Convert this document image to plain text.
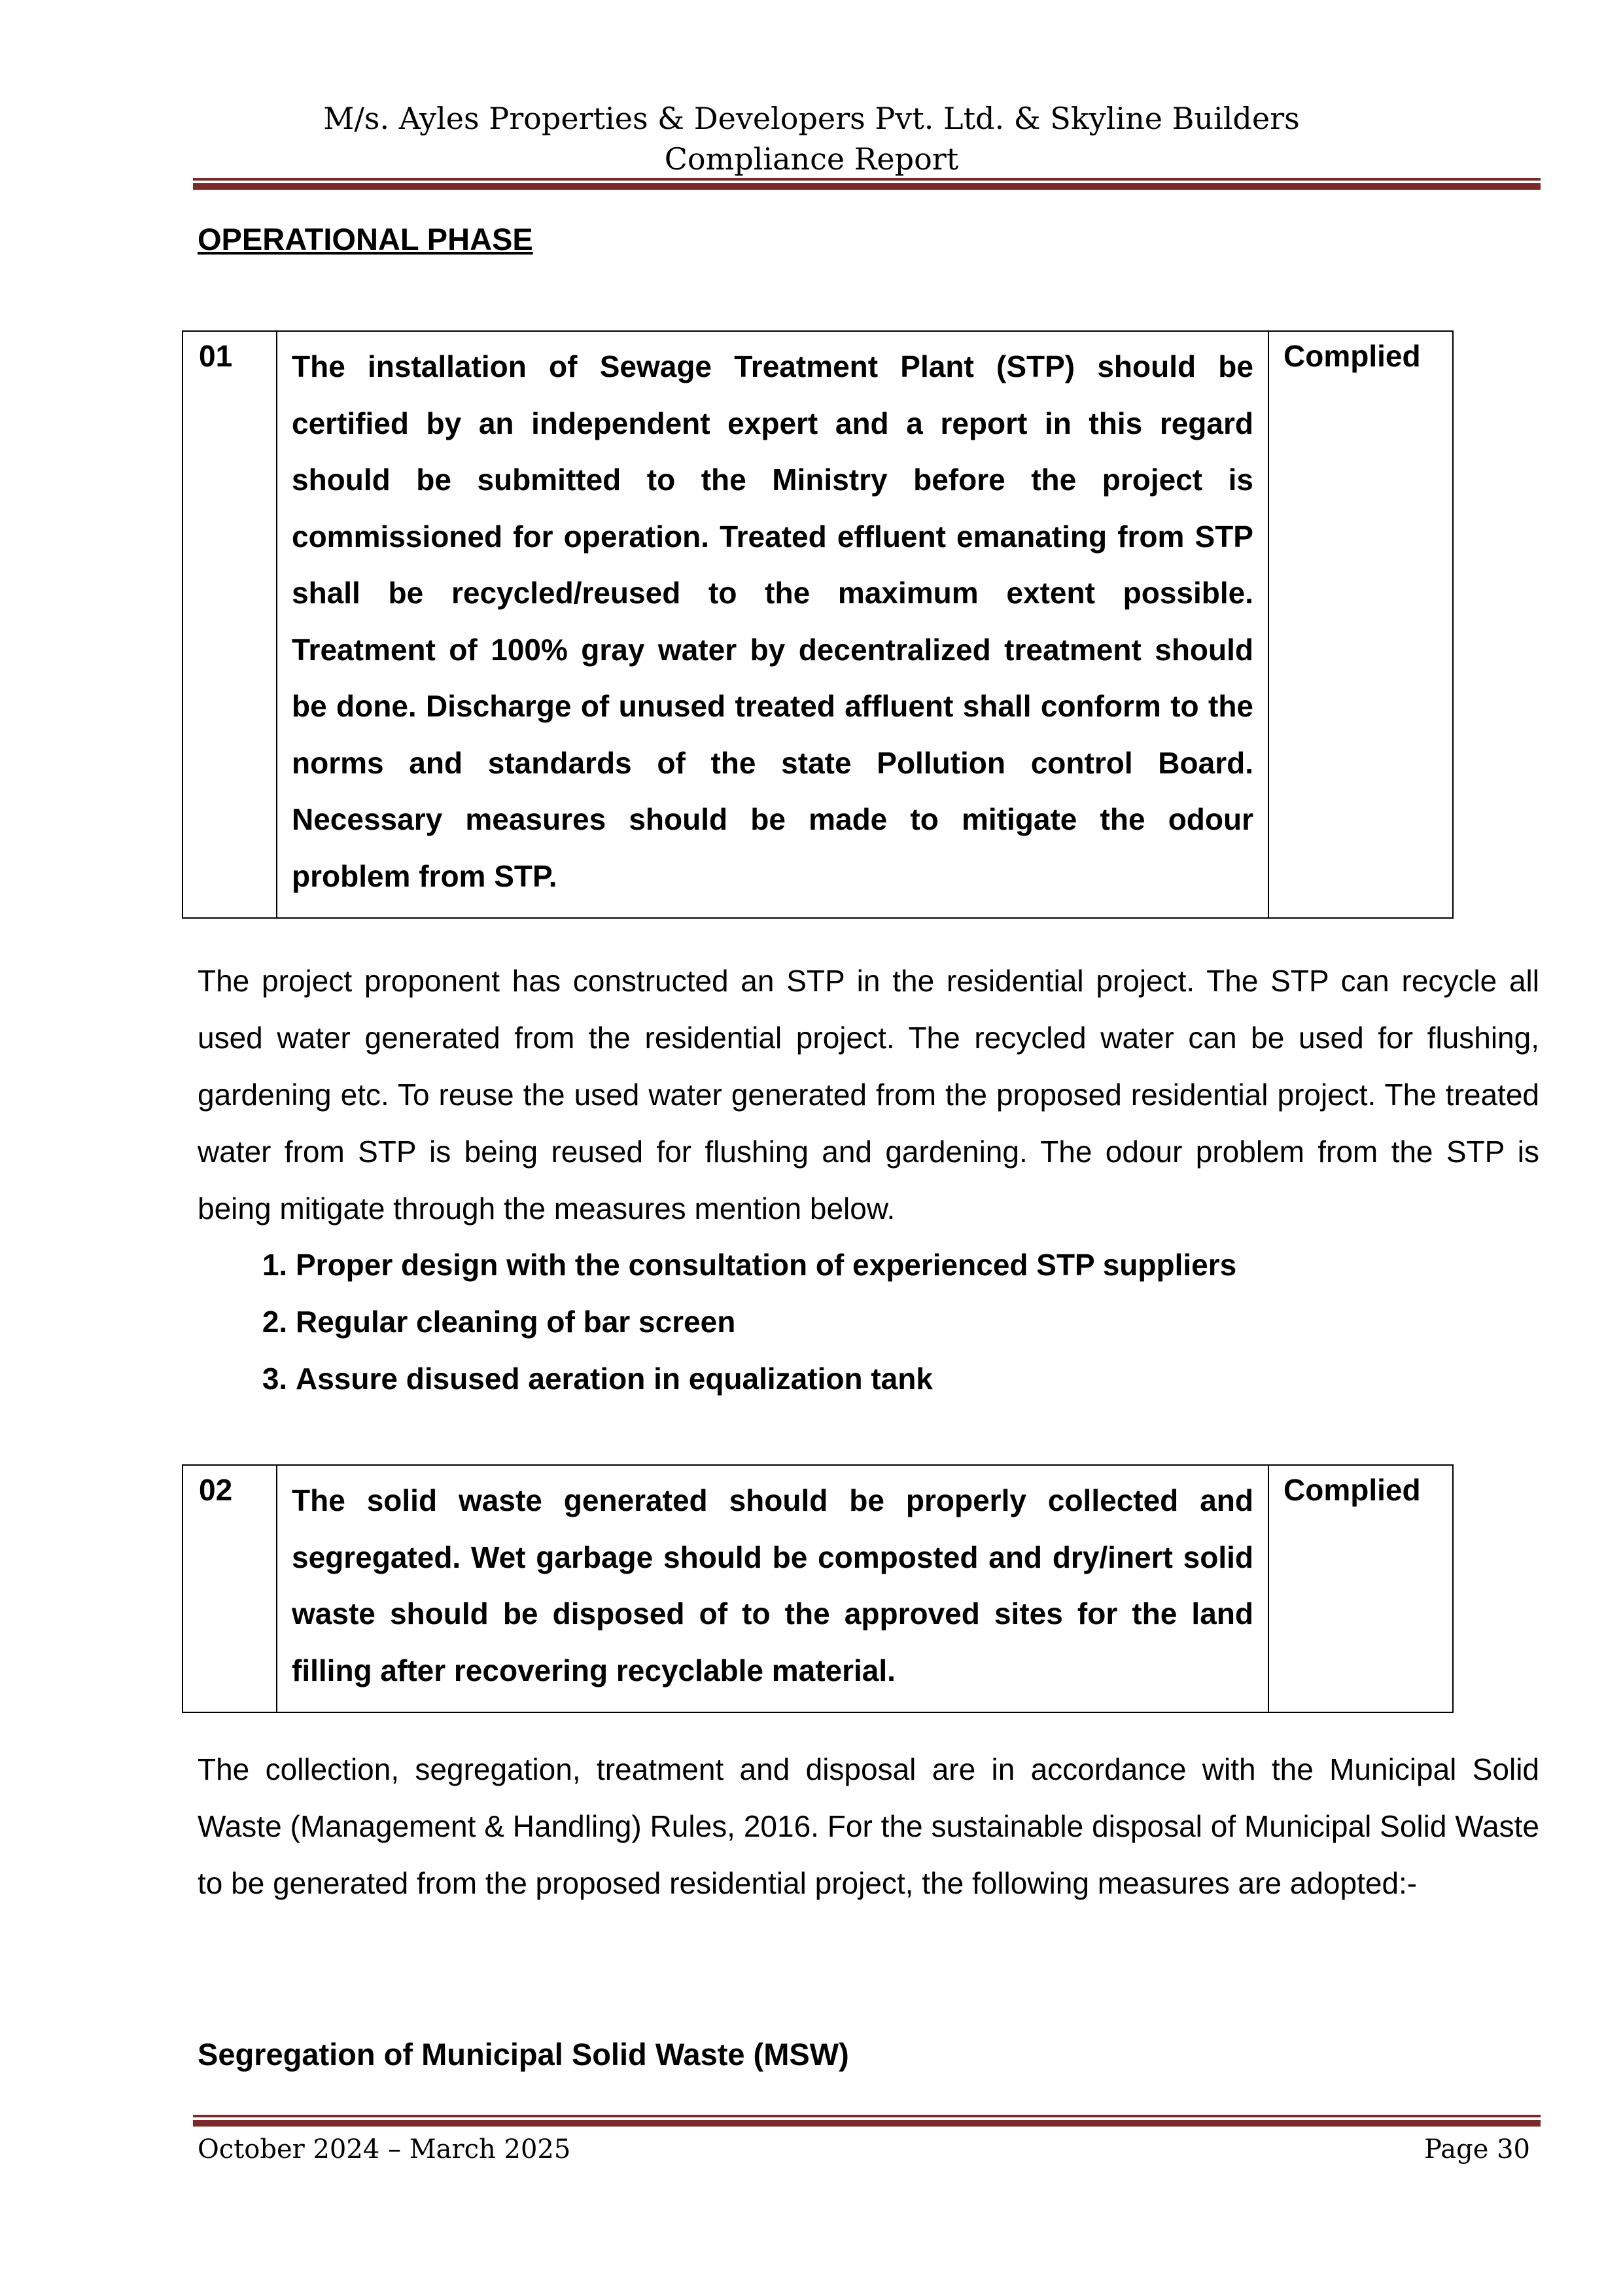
M/s. Ayles Properties & Developers Pvt. Ltd. & Skyline Builders
Compliance Report
OPERATIONAL PHASE
01	The installation of Sewage Treatment Plant (STP) should be certified by an independent expert and a report in this regard should be submitted to the Ministry before the project is commissioned for operation. Treated effluent emanating from STP shall be recycled/reused to the maximum extent possible. Treatment of 100% gray water by decentralized treatment should be done. Discharge of unused treated affluent shall conform to the norms and standards of the state Pollution control Board. Necessary measures should be made to mitigate the odour problem from STP.	Complied
The project proponent has constructed an STP in the residential project. The STP can recycle all used water generated from the residential project. The recycled water can be used for flushing, gardening etc. To reuse the used water generated from the proposed residential project. The treated water from STP is being reused for flushing and gardening. The odour problem from the STP is being mitigate through the measures mention below.
1. Proper design with the consultation of experienced STP suppliers
2. Regular cleaning of bar screen
3. Assure disused aeration in equalization tank
02	The solid waste generated should be properly collected and segregated. Wet garbage should be composted and dry/inert solid waste should be disposed of to the approved sites for the land filling after recovering recyclable material.	Complied
The collection, segregation, treatment and disposal are in accordance with the Municipal Solid Waste (Management & Handling) Rules, 2016. For the sustainable disposal of Municipal Solid Waste to be generated from the proposed residential project, the following measures are adopted:-
Segregation of Municipal Solid Waste (MSW)
October 2024 – March 2025	Page 30
